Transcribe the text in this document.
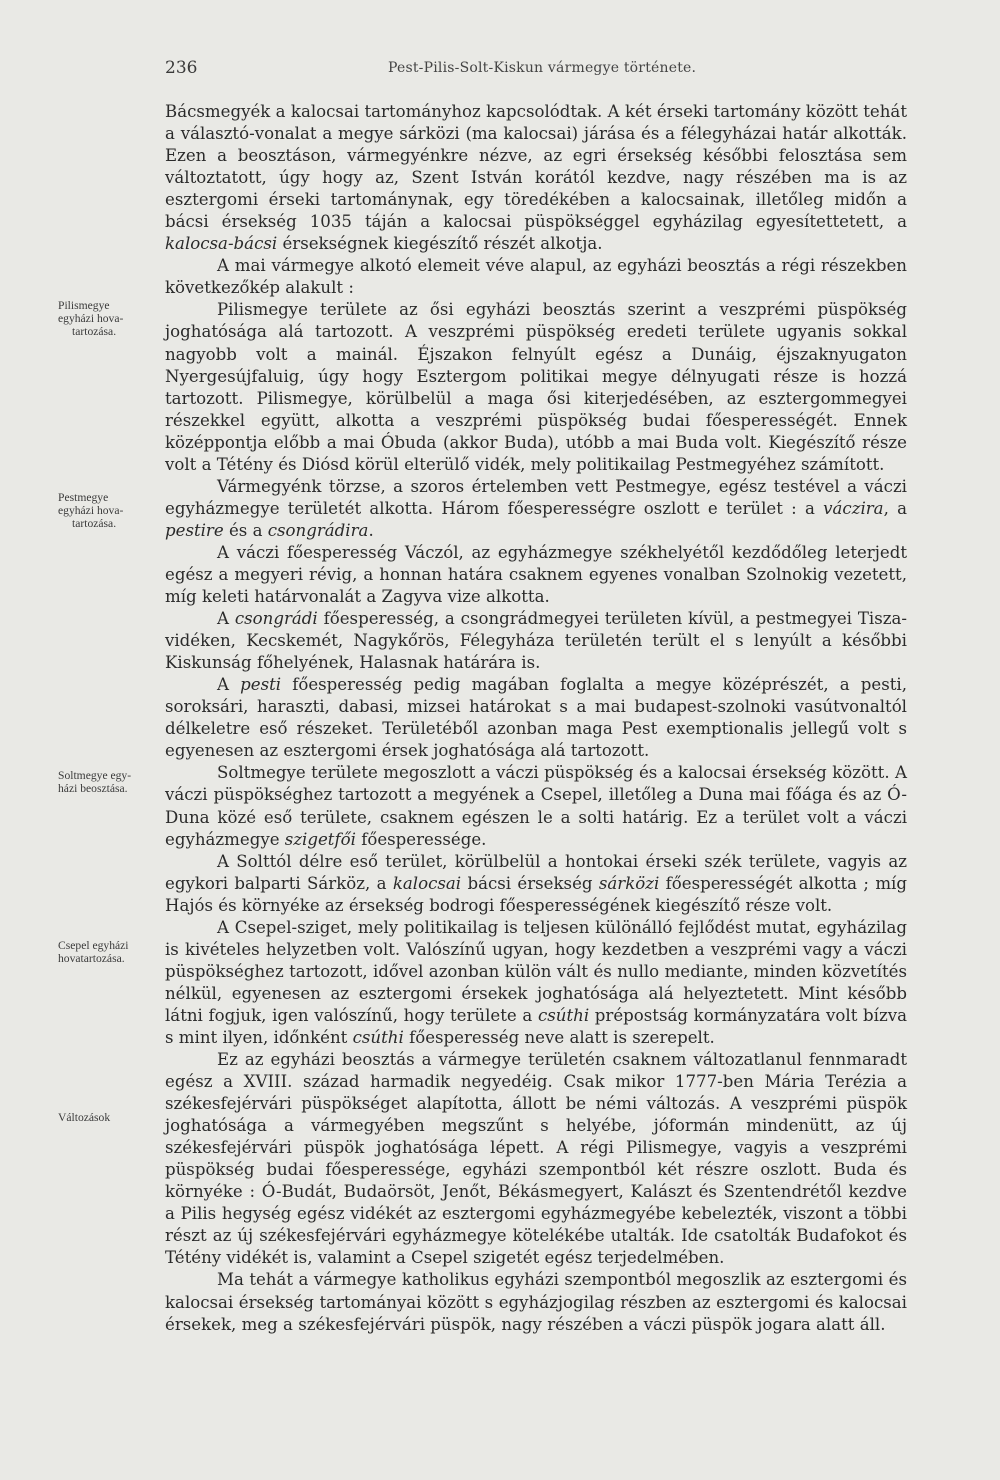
236	Pest-Pilis-Solt-Kiskun vármegye története.

Bácsmegyék a kalocsai tartományhoz kapcsolódtak. A két érseki tartomány között tehát a választó-vonalat a megye sárközi (ma kalocsai) járása és a félegyházai határ alkották. Ezen a beosztáson, vármegyénkre nézve, az egri érsekség későbbi felosztása sem változtatott, úgy hogy az, Szent István korától kezdve, nagy részében ma is az esztergomi érseki tartománynak, egy töredékében a kalocsainak, illetőleg midőn a bácsi érsekség 1035 táján a kalocsai püspökséggel egyházilag egyesítettetett, a kalocsa-bácsi érsekségnek kiegészítő részét alkotja.

A mai vármegye alkotó elemeit véve alapul, az egyházi beosztás a régi részekben következőkép alakult :

Pilismegye területe az ősi egyházi beosztás szerint a veszprémi püspökség joghatósága alá tartozott. A veszprémi püspökség eredeti területe ugyanis sokkal nagyobb volt a mainál. Éjszakon felnyúlt egész a Dunáig, éjszaknyugaton Nyergesújfaluig, úgy hogy Esztergom politikai megye délnyugati része is hozzá tartozott. Pilismegye, körülbelül a maga ősi kiterjedésében, az esztergommegyei részekkel együtt, alkotta a veszprémi püspökség budai főesperességét. Ennek középpontja előbb a mai Óbuda (akkor Buda), utóbb a mai Buda volt. Kiegészítő része volt a Tétény és Diósd körül elterülő vidék, mely politikailag Pestmegyéhez számított.

Vármegyénk törzse, a szoros értelemben vett Pestmegye, egész testével a váczi egyházmegye területét alkotta. Három főesperességre oszlott e terület : a váczira, a pestire és a csongrádira.

A váczi főesperesség Váczól, az egyházmegye székhelyétől kezdődőleg leterjedt egész a megyeri révig, a honnan határa csaknem egyenes vonalban Szolnokig vezetett, míg keleti határvonalát a Zagyva vize alkotta.

A csongrádi főesperesség, a csongrádmegyei területen kívül, a pestmegyei Tisza-vidéken, Kecskemét, Nagykőrös, Félegyháza területén terült el s lenyúlt a későbbi Kiskunság főhelyének, Halasnak határára is.

A pesti főesperesség pedig magában foglalta a megye középrészét, a pesti, soroksári, haraszti, dabasi, mizsei határokat s a mai budapest-szolnoki vasútvonaltól délkeletre eső részeket. Területéből azonban maga Pest exemptionalis jellegű volt s egyenesen az esztergomi érsek joghatósága alá tartozott.

Soltmegye területe megoszlott a váczi püspökség és a kalocsai érsekség között. A váczi püspökséghez tartozott a megyének a Csepel, illetőleg a Duna mai főága és az Ó-Duna közé eső területe, csaknem egészen le a solti határig. Ez a terület volt a váczi egyházmegye szigetfői főesperessége.

A Solttól délre eső terület, körülbelül a hontokai érseki szék területe, vagyis az egykori balparti Sárköz, a kalocsai bácsi érsekség sárközi főesperességét alkotta ; míg Hajós és környéke az érsekség bodrogi főesperességének kiegészítő része volt.

A Csepel-sziget, mely politikailag is teljesen különálló fejlődést mutat, egyházilag is kivételes helyzetben volt. Valószínű ugyan, hogy kezdetben a veszprémi vagy a váczi püspökséghez tartozott, idővel azonban külön vált és nullo mediante, minden közvetítés nélkül, egyenesen az esztergomi érsekek joghatósága alá helyeztetett. Mint később látni fogjuk, igen valószínű, hogy területe a csúthi prépostság kormányzatára volt bízva s mint ilyen, időnként csúthi főesperesség neve alatt is szerepelt.

Ez az egyházi beosztás a vármegye területén csaknem változatlanul fennmaradt egész a XVIII. század harmadik negyedéig. Csak mikor 1777-ben Mária Terézia a székesfejérvári püspökséget alapította, állott be némi változás. A veszprémi püspök joghatósága a vármegyében megszűnt s helyébe, jóformán mindenütt, az új székesfejérvári püspök joghatósága lépett. A régi Pilismegye, vagyis a veszprémi püspökség budai főesperessége, egyházi szempontból két részre oszlott. Buda és környéke : Ó-Budát, Budaörsöt, Jenőt, Békásmegyert, Kalászt és Szentendrétől kezdve a Pilis hegység egész vidékét az esztergomi egyházmegyébe kebelezték, viszont a többi részt az új székesfejérvári egyházmegye kötelékébe utalták. Ide csatolták Budafokot és Tétény vidékét is, valamint a Csepel szigetét egész terjedelmében.

Ma tehát a vármegye katholikus egyházi szempontból megoszlik az esztergomi és kalocsai érsekség tartományai között s egyházjogilag részben az esztergomi és kalocsai érsekek, meg a székesfejérvári püspök, nagy részében a váczi püspök jogara alatt áll.

Pilismegye
egyházi hova-
tartozása.
Pestmegye
egyházi hova-
tartozása.
Soltmegye egy-
házi beosztása.
Csepel egyházi
hovatartozása.
Változások
